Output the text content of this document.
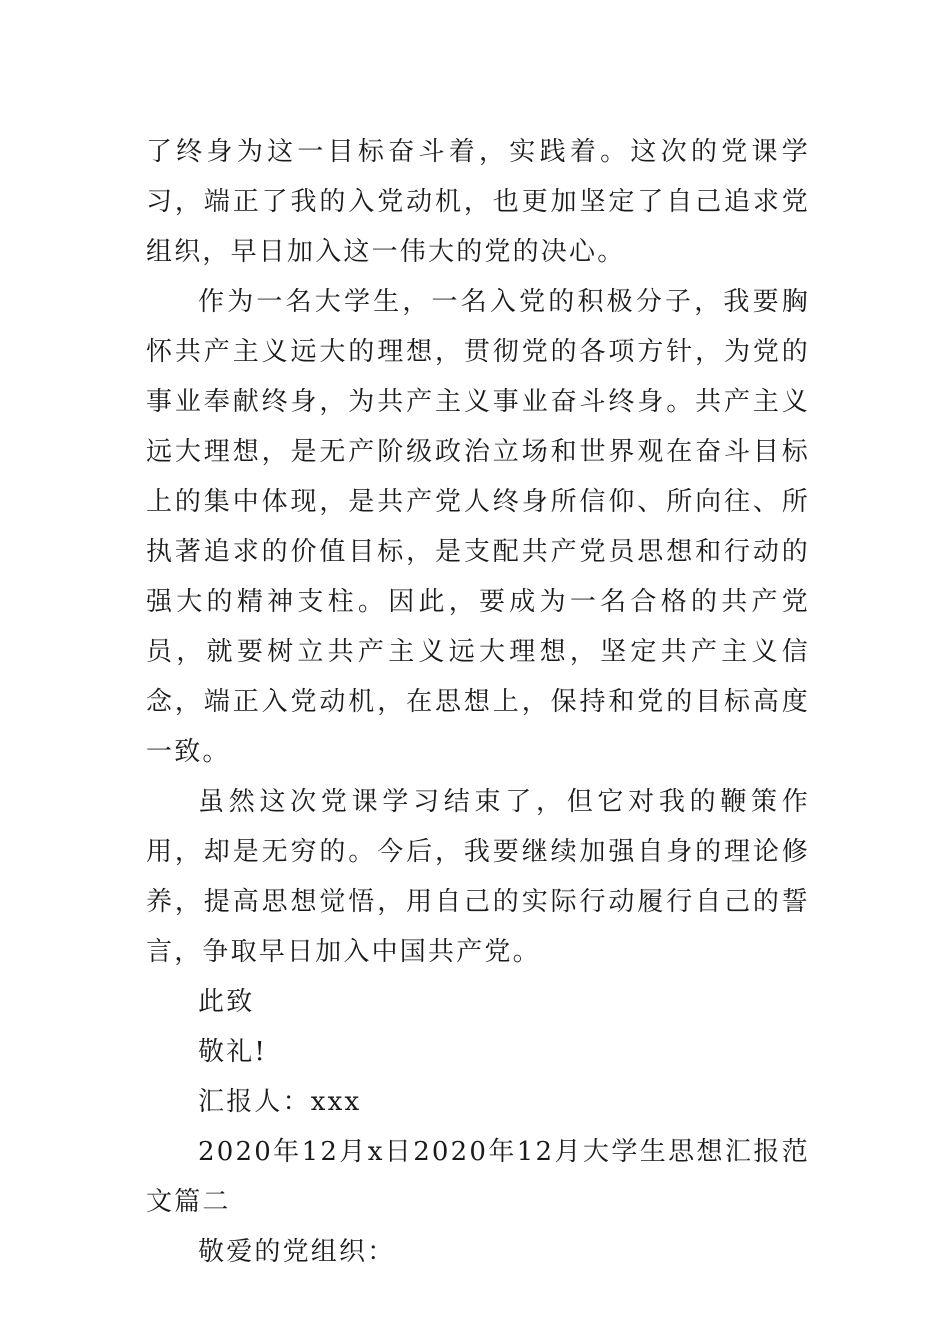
了终身为这一目标奋斗着，实践着。这次的党课学习，端正了我的入党动机，也更加坚定了自己追求党组织，早日加入这一伟大的党的决心。

作为一名大学生，一名入党的积极分子，我要胸怀共产主义远大的理想，贯彻党的各项方针，为党的事业奉献终身，为共产主义事业奋斗终身。共产主义远大理想，是无产阶级政治立场和世界观在奋斗目标上的集中体现，是共产党人终身所信仰、所向往、所执著追求的价值目标，是支配共产党员思想和行动的强大的精神支柱。因此，要成为一名合格的共产党员，就要树立共产主义远大理想，坚定共产主义信念，端正入党动机，在思想上，保持和党的目标高度一致。

虽然这次党课学习结束了，但它对我的鞭策作用，却是无穷的。今后，我要继续加强自身的理论修养，提高思想觉悟，用自己的实际行动履行自己的誓言，争取早日加入中国共产党。

此致

敬礼!

汇报人：xxx

2020年12月x日2020年12月大学生思想汇报范文篇二

敬爱的党组织：
